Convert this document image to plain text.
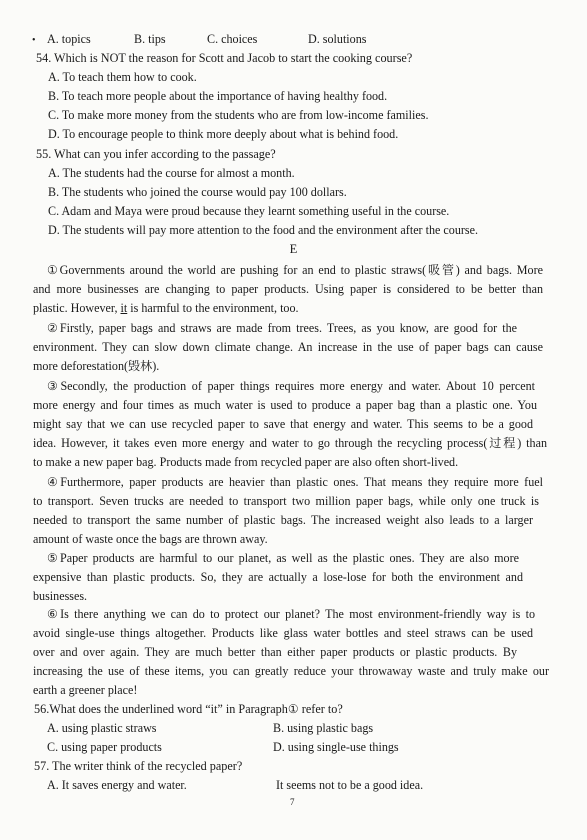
• A. topics	B. tips	C. choices	D. solutions
54. Which is NOT the reason for Scott and Jacob to start the cooking course?
A. To teach them how to cook.
B. To teach more people about the importance of having healthy food.
C. To make more money from the students who are from low-income families.
D. To encourage people to think more deeply about what is behind food.
55. What can you infer according to the passage?
A. The students had the course for almost a month.
B. The students who joined the course would pay 100 dollars.
C. Adam and Maya were proud because they learnt something useful in the course.
D. The students will pay more attention to the food and the environment after the course.
E
①Governments around the world are pushing for an end to plastic straws(吸管) and bags. More
and more businesses are changing to paper products. Using paper is considered to be better than
plastic. However, it is harmful to the environment, too.
②Firstly, paper bags and straws are made from trees. Trees, as you know, are good for the
environment. They can slow down climate change. An increase in the use of paper bags can cause
more deforestation(毁林).
③Secondly, the production of paper things requires more energy and water. About 10 percent
more energy and four times as much water is used to produce a paper bag than a plastic one. You
might say that we can use recycled paper to save that energy and water. This seems to be a good
idea. However, it takes even more energy and water to go through the recycling process(过程) than
to make a new paper bag. Products made from recycled paper are also often short-lived.
④Furthermore, paper products are heavier than plastic ones. That means they require more fuel
to transport. Seven trucks are needed to transport two million paper bags, while only one truck is
needed to transport the same number of plastic bags. The increased weight also leads to a larger
amount of waste once the bags are thrown away.
⑤Paper products are harmful to our planet, as well as the plastic ones. They are also more
expensive than plastic products. So, they are actually a lose-lose for both the environment and
businesses.
⑥Is there anything we can do to protect our planet? The most environment-friendly way is to
avoid single-use things altogether. Products like glass water bottles and steel straws can be used
over and over again. They are much better than either paper products or plastic products. By
increasing the use of these items, you can greatly reduce your throwaway waste and truly make our
earth a greener place!
56.What does the underlined word “it” in Paragraph① refer to?
A. using plastic straws	B. using plastic bags
C. using paper products	D. using single-use things
57. The writer think of the recycled paper?
A. It saves energy and water.	It seems not to be a good idea.
7
